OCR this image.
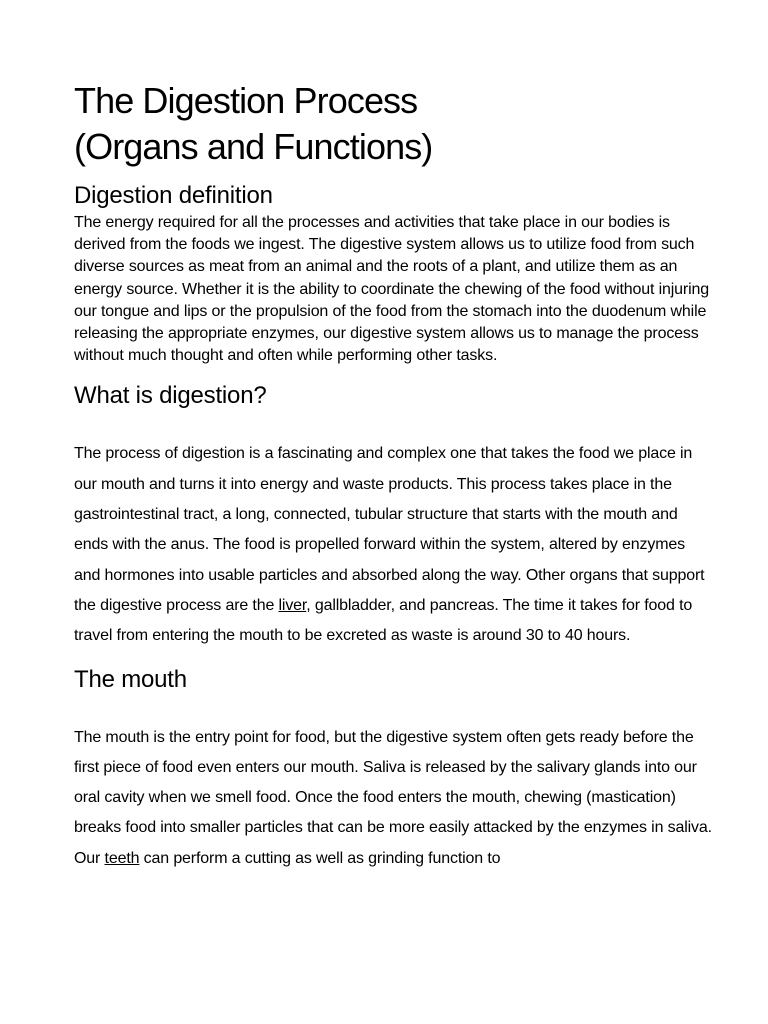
The Digestion Process
(Organs and Functions)
Digestion definition

The energy required for all the processes and activities that take place in our bodies is derived from the foods we ingest. The digestive system allows us to utilize food from such diverse sources as meat from an animal and the roots of a plant, and utilize them as an energy source. Whether it is the ability to coordinate the chewing of the food without injuring our tongue and lips or the propulsion of the food from the stomach into the duodenum while releasing the appropriate enzymes, our digestive system allows us to manage the process without much thought and often while performing other tasks.

What is digestion?

The process of digestion is a fascinating and complex one that takes the food we place in our mouth and turns it into energy and waste products. This process takes place in the gastrointestinal tract, a long, connected, tubular structure that starts with the mouth and ends with the anus. The food is propelled forward within the system, altered by enzymes and hormones into usable particles and absorbed along the way. Other organs that support the digestive process are the liver, gallbladder, and pancreas. The time it takes for food to travel from entering the mouth to be excreted as waste is around 30 to 40 hours.

The mouth

The mouth is the entry point for food, but the digestive system often gets ready before the first piece of food even enters our mouth. Saliva is released by the salivary glands into our oral cavity when we smell food. Once the food enters the mouth, chewing (mastication) breaks food into smaller particles that can be more easily attacked by the enzymes in saliva. Our teeth can perform a cutting as well as grinding function to
